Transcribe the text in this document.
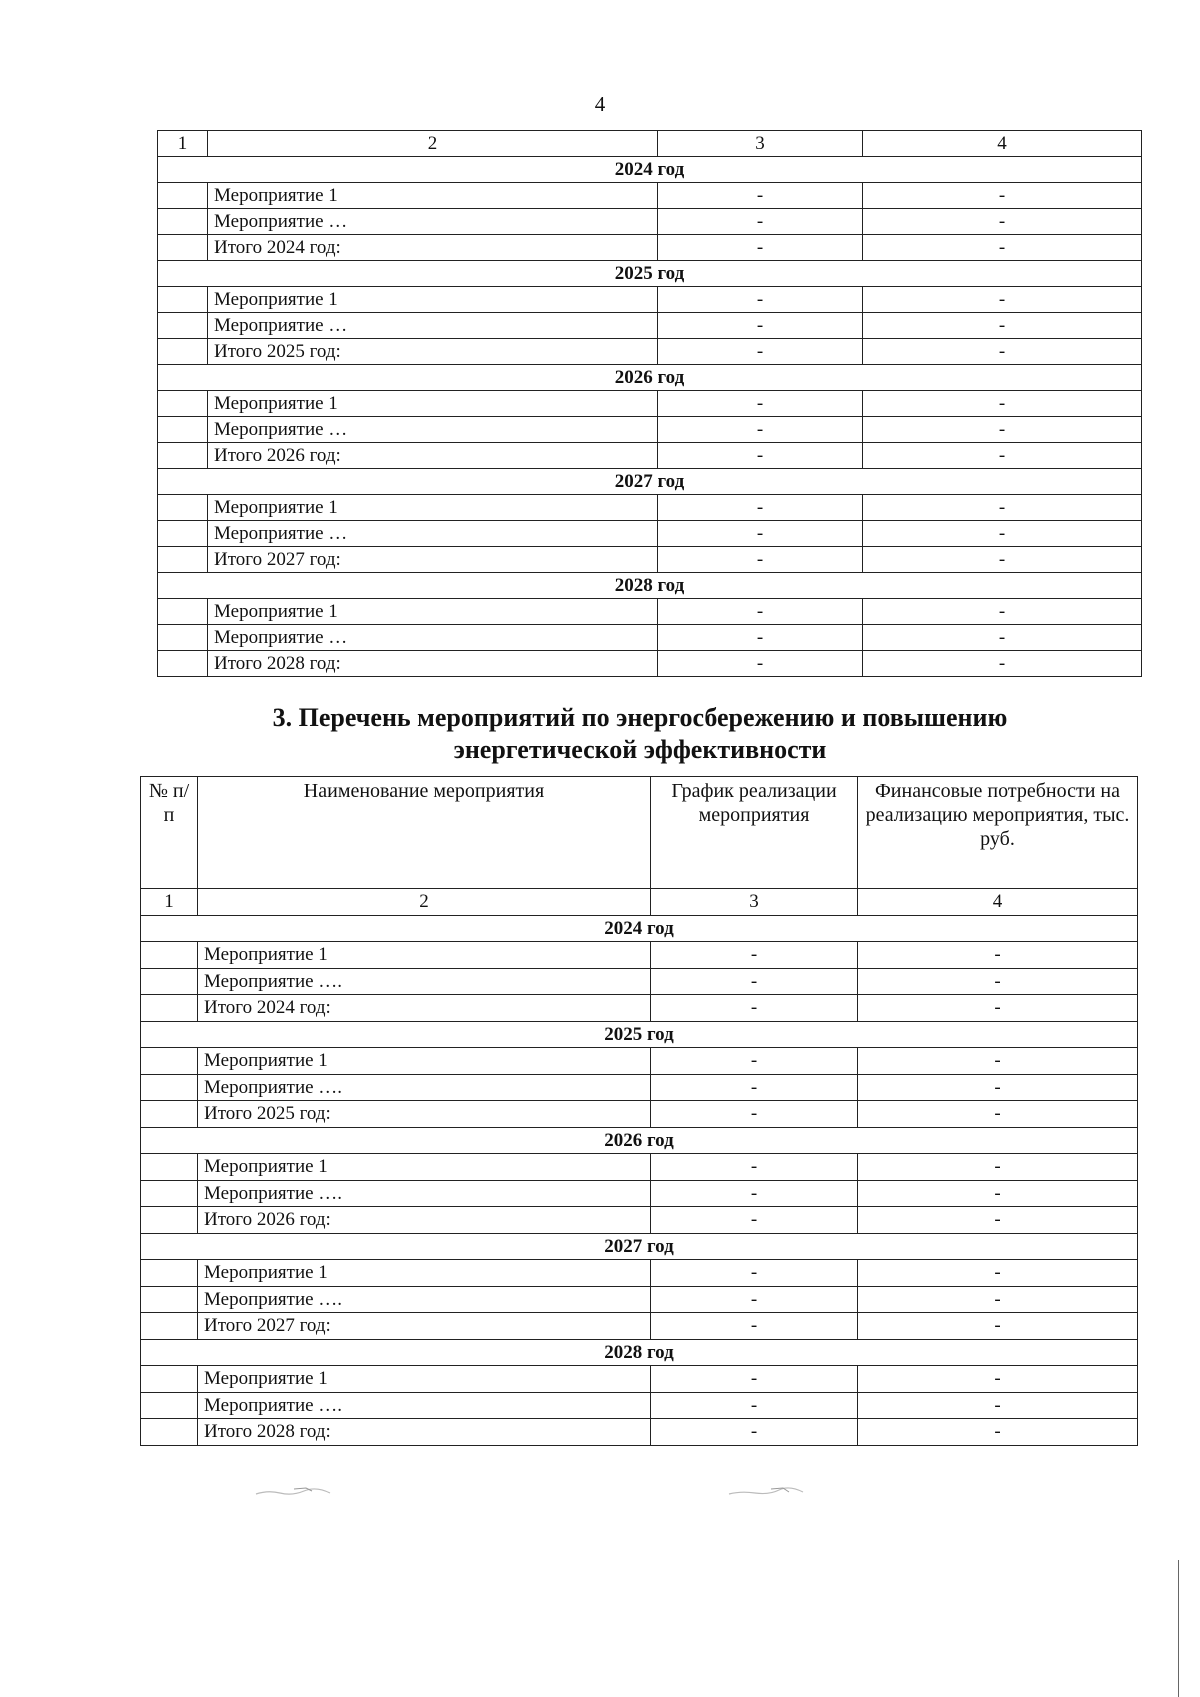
4
1	2	3	4
2024 год			
	Мероприятие 1	-	-
	Мероприятие …	-	-
	Итого 2024 год:	-	-
2025 год			
	Мероприятие 1	-	-
	Мероприятие …	-	-
	Итого 2025 год:	-	-
2026 год			
	Мероприятие 1	-	-
	Мероприятие …	-	-
	Итого 2026 год:	-	-
2027 год			
	Мероприятие 1	-	-
	Мероприятие …	-	-
	Итого 2027 год:	-	-
2028 год			
	Мероприятие 1	-	-
	Мероприятие …	-	-
	Итого 2028 год:	-	-
3. Перечень мероприятий по энергосбережению и повышению
энергетической эффективности
№ п/п	Наименование мероприятия	График реализации мероприятия	Финансовые потребности на реализацию мероприятия, тыс. руб.
1	2	3	4
2024 год			
	Мероприятие 1	-	-
	Мероприятие ….	-	-
	Итого 2024 год:	-	-
2025 год			
	Мероприятие 1	-	-
	Мероприятие ….	-	-
	Итого 2025 год:	-	-
2026 год			
	Мероприятие 1	-	-
	Мероприятие ….	-	-
	Итого 2026 год:	-	-
2027 год			
	Мероприятие 1	-	-
	Мероприятие ….	-	-
	Итого 2027 год:	-	-
2028 год			
	Мероприятие 1	-	-
	Мероприятие ….	-	-
	Итого 2028 год:	-	-
